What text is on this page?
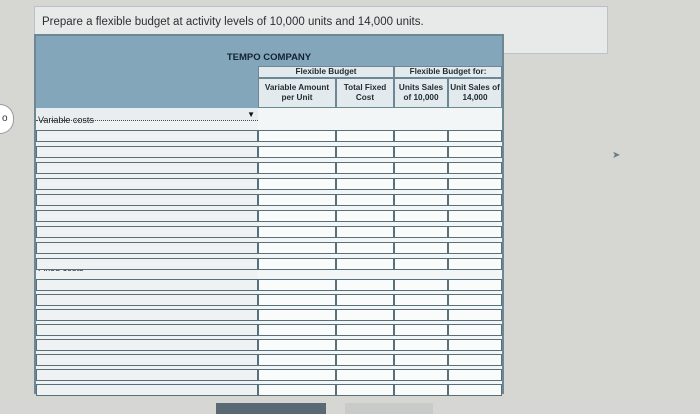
o
Prepare a flexible budget at activity levels of 10,000 units and 14,000 units.
TEMPO COMPANY
Flexible Budget	Flexible Budget for:
Variable Amount per Unit
Total Fixed Cost
Units Sales of 10,000
Unit Sales of 14,000
▼
Variable costs
➤
